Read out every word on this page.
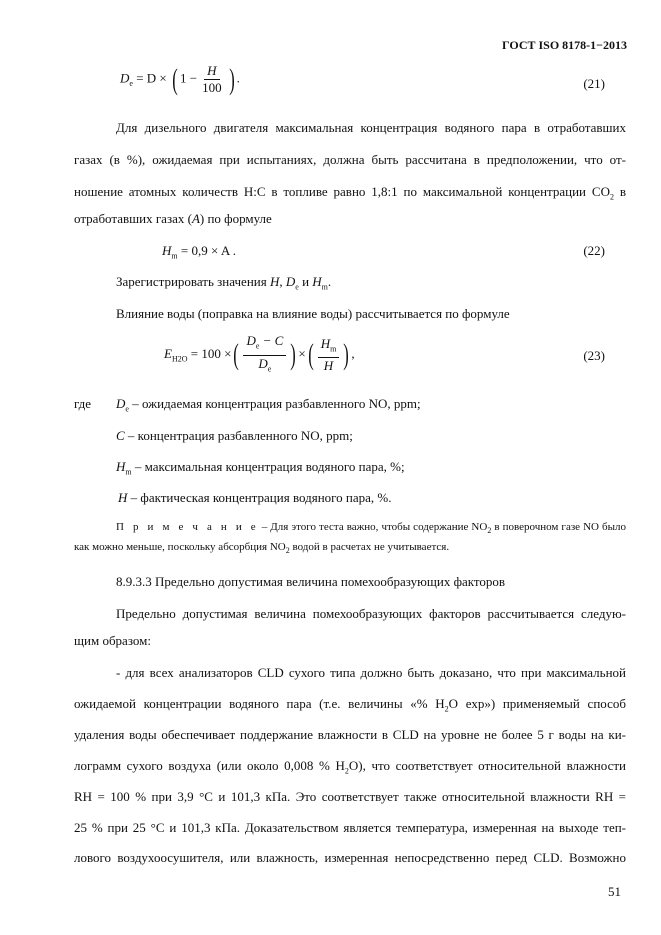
ГОСТ ISO 8178-1−2013
$D_e = D$ × ( $1 - \frac{H}{100}$ ) .	(21)
Для дизельного двигателя максимальная концентрация водяного пара в отработавших
газах (в %), ожидаемая при испытаниях, должна быть рассчитана в предположении, что от-
ношение атомных количеств Н:С в топливе равно 1,8:1 по максимальной концентрации $СО_2$ в
отработавших газах (А) по формуле
$H_m = 0,9 \times A$ .	(22)
Зарегистрировать значения H, $D_e$ и $H_m$.
Влияние воды (поправка на влияние воды) рассчитывается по формуле
$E_{H2O} = 100$ ×( $\frac{D_e - C}{D_e}$ ) ×( $\frac{H_m}{H}$ ) ,	(23)
где $D_e$ – ожидаемая концентрация разбавленного NO, ppm;
C – концентрация разбавленного NO, ppm;
$H_m$ – максимальная концентрация водяного пара, %;
H – фактическая концентрация водяного пара, %.
П р и м е ч а н и е – Для этого теста важно, чтобы содержание $NO_2$ в поверочном газе NO было
как можно меньше, поскольку абсорбция $NO_2$ водой в расчетах не учитывается.
8.9.3.3 Предельно допустимая величина помехообразующих факторов
Предельно допустимая величина помехообразующих факторов рассчитывается следую-
щим образом:
- для всех анализаторов CLD сухого типа должно быть доказано, что при максимальной
ожидаемой концентрации водяного пара (т.е. величины «% $Н_2О$ ехр») применяемый способ
удаления воды обеспечивает поддержание влажности в CLD на уровне не более 5 г воды на ки-
лограмм сухого воздуха (или около 0,008 % $Н_2О$), что соответствует относительной влажности
RH = 100 % при 3,9 °С и 101,3 кПа. Это соответствует также относительной влажности RH =
25 % при 25 °С и 101,3 кПа. Доказательством является температура, измеренная на выходе теп-
лового воздухоосушителя, или влажность, измеренная непосредственно перед CLD. Возможно
51
